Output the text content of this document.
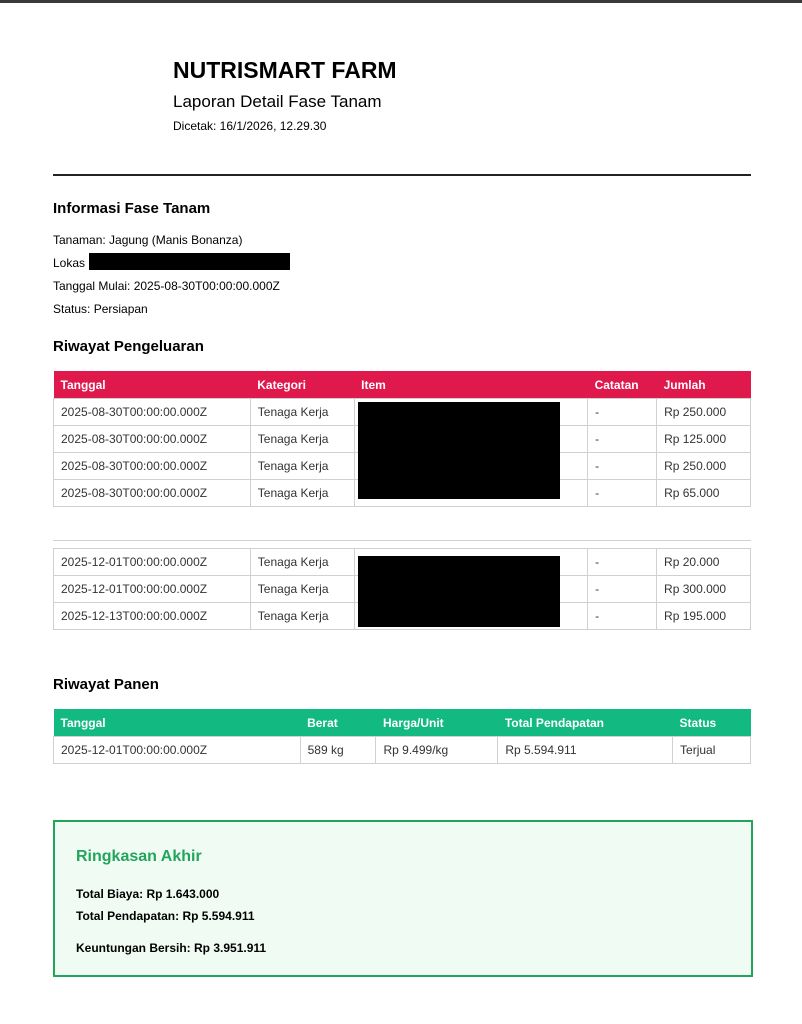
NUTRISMART FARM
Laporan Detail Fase Tanam
Dicetak: 16/1/2026, 12.29.30
Informasi Fase Tanam
Tanaman: Jagung (Manis Bonanza)
Lokas
Tanggal Mulai: 2025-08-30T00:00:00.000Z
Status: Persiapan
Riwayat Pengeluaran
Tanggal	Kategori	Item	Catatan	Jumlah
2025-08-30T00:00:00.000Z	Tenaga Kerja		-	Rp 250.000
2025-08-30T00:00:00.000Z	Tenaga Kerja		-	Rp 125.000
2025-08-30T00:00:00.000Z	Tenaga Kerja		-	Rp 250.000
2025-08-30T00:00:00.000Z	Tenaga Kerja		-	Rp 65.000
2025-12-01T00:00:00.000Z	Tenaga Kerja		-	Rp 20.000
2025-12-01T00:00:00.000Z	Tenaga Kerja		-	Rp 300.000
2025-12-13T00:00:00.000Z	Tenaga Kerja		-	Rp 195.000
Riwayat Panen
Tanggal	Berat	Harga/Unit	Total Pendapatan	Status
2025-12-01T00:00:00.000Z	589 kg	Rp 9.499/kg	Rp 5.594.911	Terjual
Ringkasan Akhir
Total Biaya: Rp 1.643.000
Total Pendapatan: Rp 5.594.911
Keuntungan Bersih: Rp 3.951.911
